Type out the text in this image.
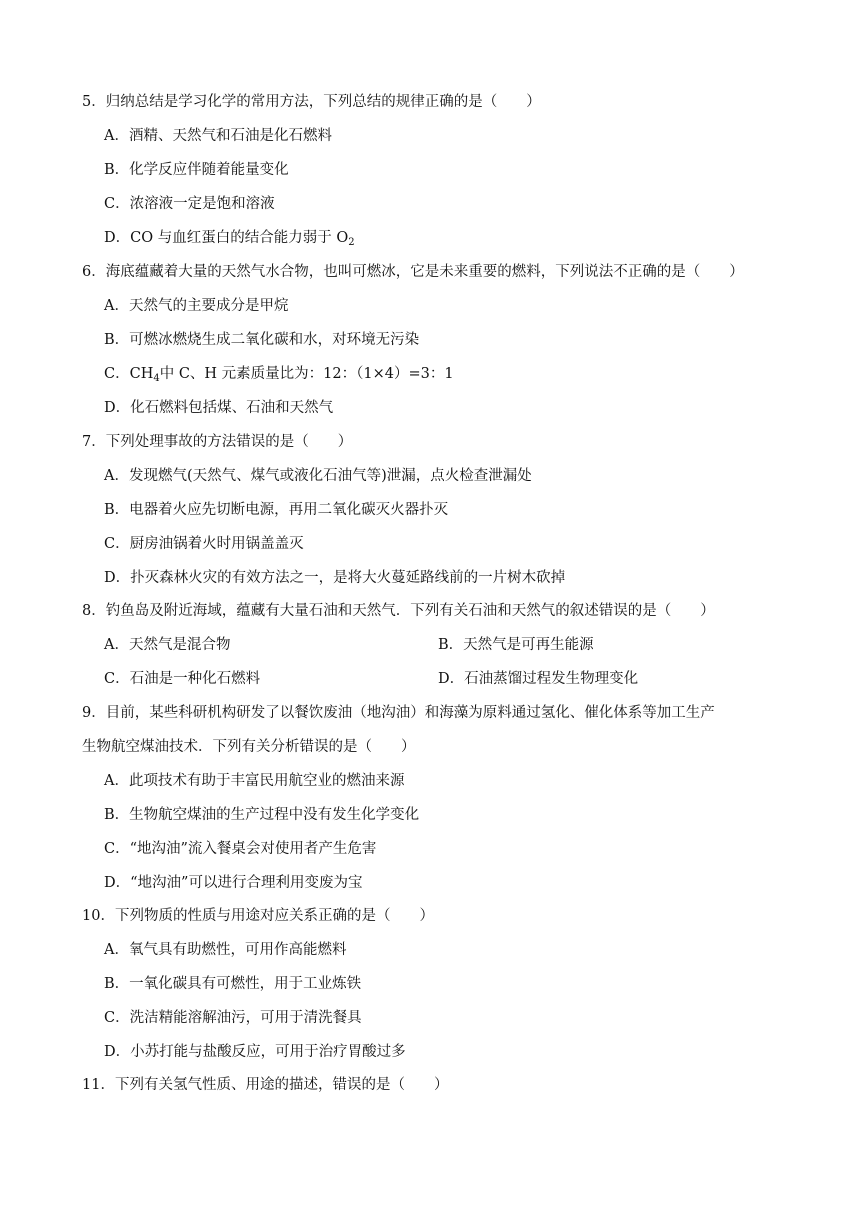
5．归纳总结是学习化学的常用方法，下列总结的规律正确的是（　　）
A．酒精、天然气和石油是化石燃料
B．化学反应伴随着能量变化
C．浓溶液一定是饱和溶液
D．CO 与血红蛋白的结合能力弱于 $O_2$
6．海底蕴藏着大量的天然气水合物，也叫可燃冰，它是未来重要的燃料，下列说法不正确的是（　　）
A．天然气的主要成分是甲烷
B．可燃冰燃烧生成二氧化碳和水，对环境无污染
C．$CH_4$中 C、H 元素质量比为：12：（1×4）=3：1
D．化石燃料包括煤、石油和天然气
7．下列处理事故的方法错误的是（　　）
A．发现燃气(天然气、煤气或液化石油气等)泄漏，点火检查泄漏处
B．电器着火应先切断电源，再用二氧化碳灭火器扑灭
C．厨房油锅着火时用锅盖盖灭
D．扑灭森林火灾的有效方法之一，是将大火蔓延路线前的一片树木砍掉
8．钓鱼岛及附近海域，蕴藏有大量石油和天然气．下列有关石油和天然气的叙述错误的是（　　）
A．天然气是混合物	B．天然气是可再生能源
C．石油是一种化石燃料	D．石油蒸馏过程发生物理变化
9．目前，某些科研机构研发了以餐饮废油（地沟油）和海藻为原料通过氢化、催化体系等加工生产
生物航空煤油技术．下列有关分析错误的是（　　）
A．此项技术有助于丰富民用航空业的燃油来源
B．生物航空煤油的生产过程中没有发生化学变化
C．“地沟油”流入餐桌会对使用者产生危害
D．“地沟油”可以进行合理利用变废为宝
10．下列物质的性质与用途对应关系正确的是（　　）
A．氧气具有助燃性，可用作高能燃料
B．一氧化碳具有可燃性，用于工业炼铁
C．洗洁精能溶解油污，可用于清洗餐具
D．小苏打能与盐酸反应，可用于治疗胃酸过多
11．下列有关氢气性质、用途的描述，错误的是（　　）
